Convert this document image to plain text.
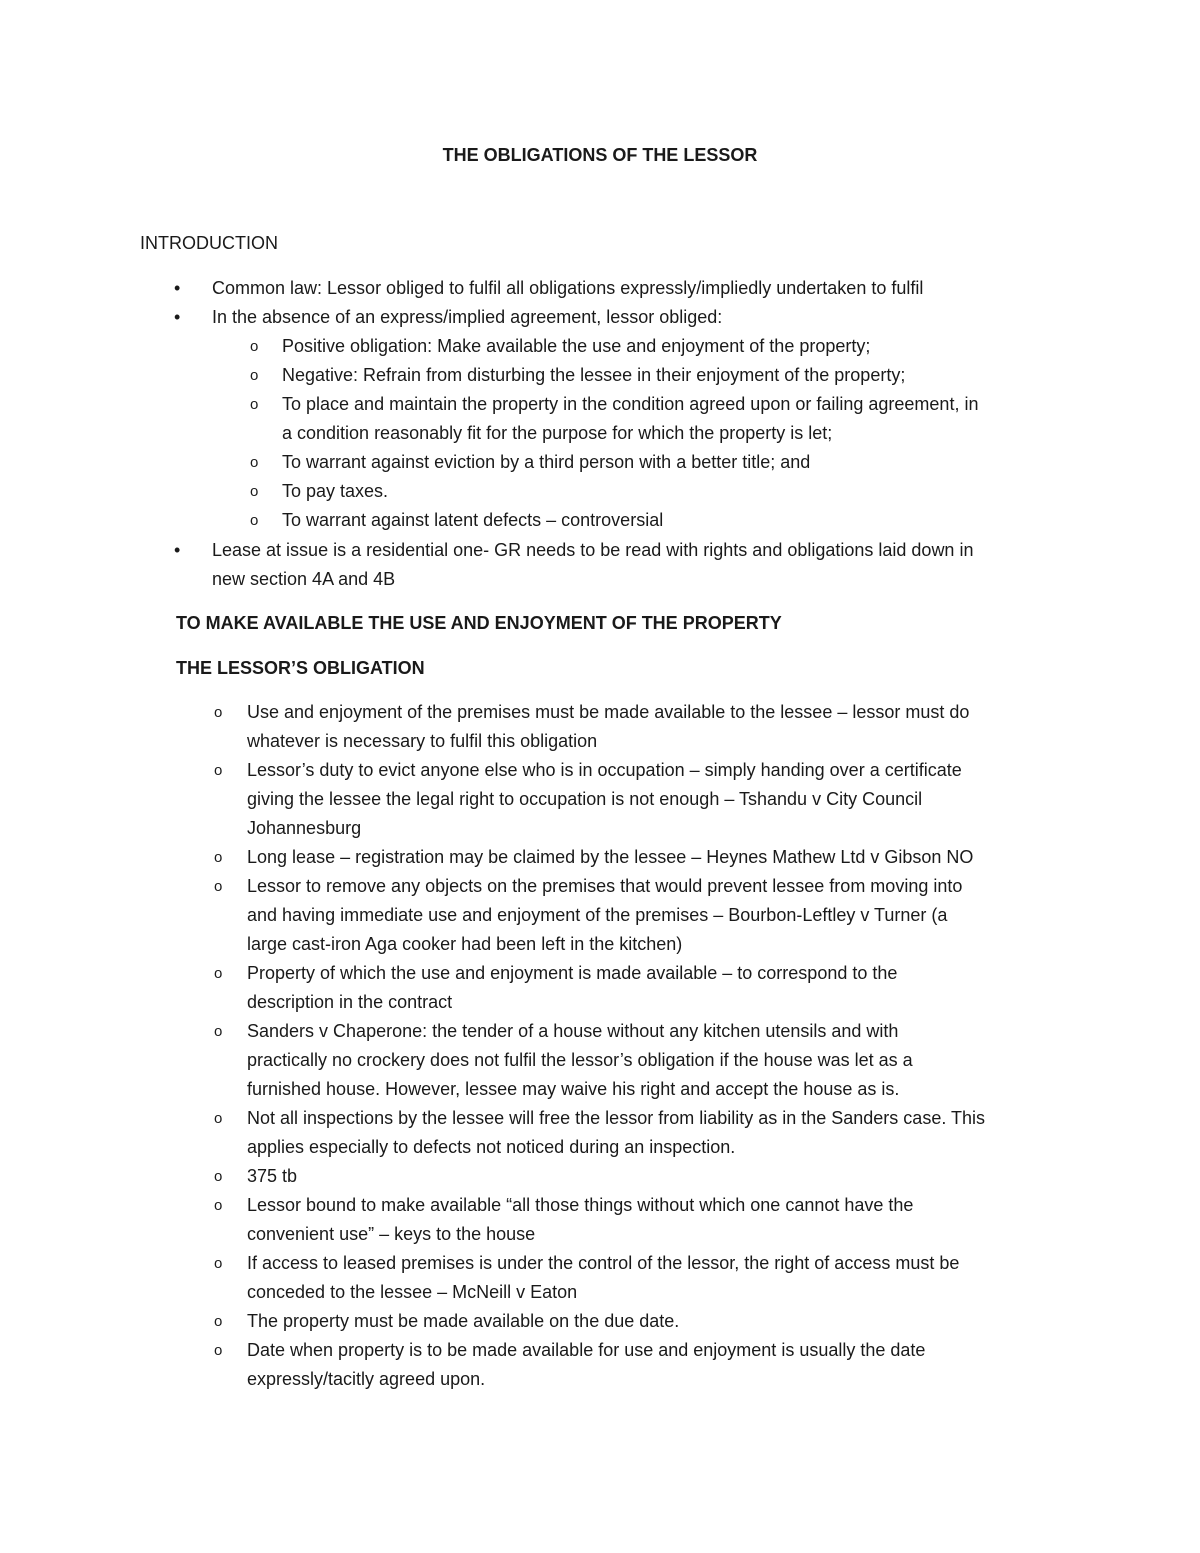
THE OBLIGATIONS OF THE LESSOR
INTRODUCTION
•	Common law: Lessor obliged to fulfil all obligations expressly/impliedly undertaken to fulfil
•	In the absence of an express/implied agreement, lessor obliged:
o	Positive obligation: Make available the use and enjoyment of the property;
o	Negative: Refrain from disturbing the lessee in their enjoyment of the property;
o	To place and maintain the property in the condition agreed upon or failing agreement, in
a condition reasonably fit for the purpose for which the property is let;
o	To warrant against eviction by a third person with a better title; and
o	To pay taxes.
o	To warrant against latent defects – controversial
•	Lease at issue is a residential one- GR needs to be read with rights and obligations laid down in
new section 4A and 4B
TO MAKE AVAILABLE THE USE AND ENJOYMENT OF THE PROPERTY
THE LESSOR’S OBLIGATION
o	Use and enjoyment of the premises must be made available to the lessee – lessor must do
whatever is necessary to fulfil this obligation
o	Lessor’s duty to evict anyone else who is in occupation – simply handing over a certificate
giving the lessee the legal right to occupation is not enough – Tshandu v City Council
Johannesburg
o	Long lease – registration may be claimed by the lessee – Heynes Mathew Ltd v Gibson NO
o	Lessor to remove any objects on the premises that would prevent lessee from moving into
and having immediate use and enjoyment of the premises – Bourbon-Leftley v Turner (a
large cast-iron Aga cooker had been left in the kitchen)
o	Property of which the use and enjoyment is made available – to correspond to the
description in the contract
o	Sanders v Chaperone: the tender of a house without any kitchen utensils and with
practically no crockery does not fulfil the lessor’s obligation if the house was let as a
furnished house. However, lessee may waive his right and accept the house as is.
o	Not all inspections by the lessee will free the lessor from liability as in the Sanders case. This
applies especially to defects not noticed during an inspection.
o	375 tb
o	Lessor bound to make available “all those things without which one cannot have the
convenient use” – keys to the house
o	If access to leased premises is under the control of the lessor, the right of access must be
conceded to the lessee – McNeill v Eaton
o	The property must be made available on the due date.
o	Date when property is to be made available for use and enjoyment is usually the date
expressly/tacitly agreed upon.
